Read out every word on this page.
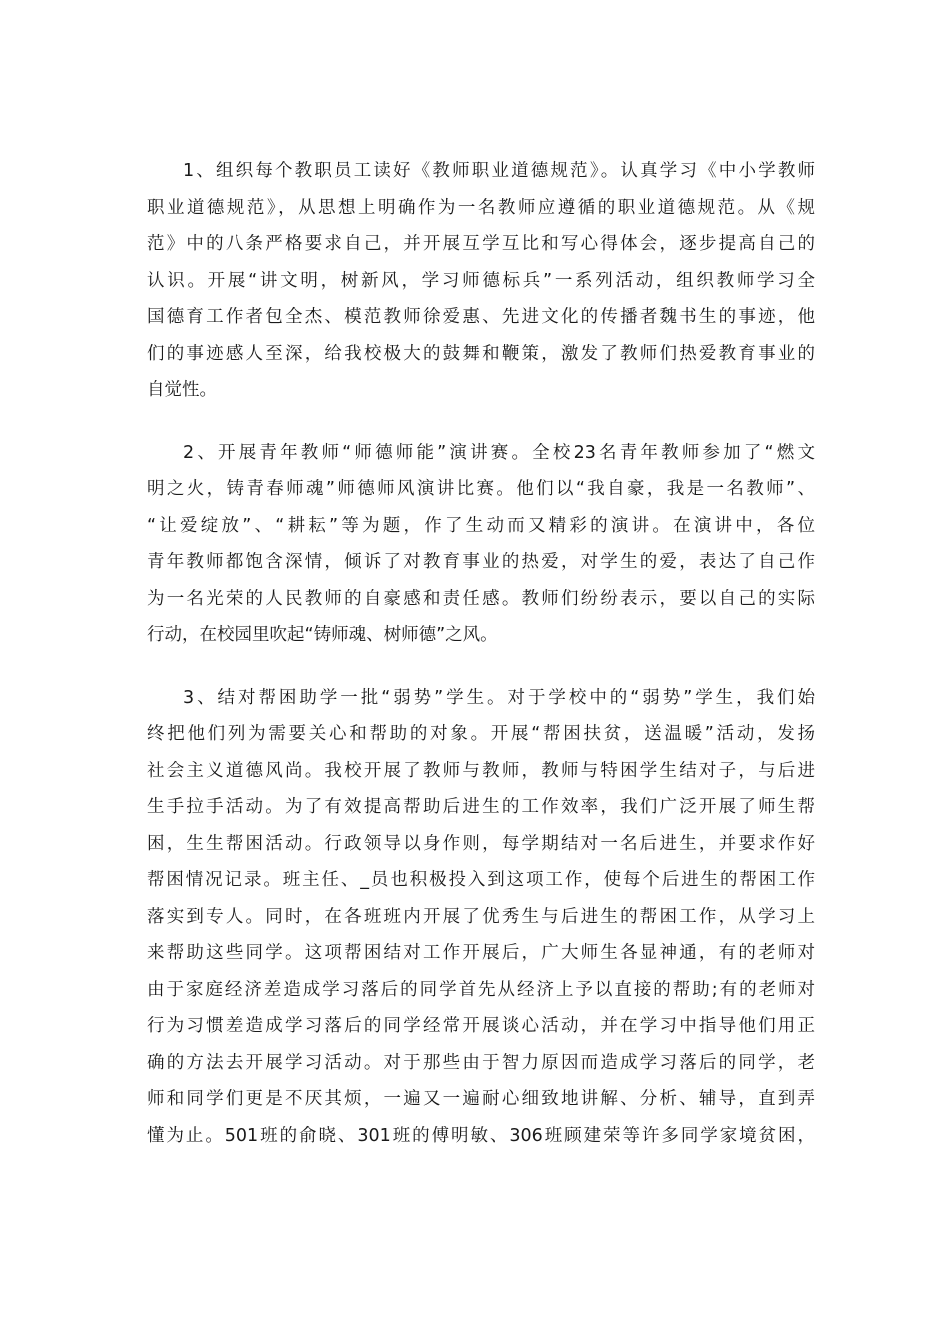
1、组织每个教职员工读好《教师职业道德规范》。认真学习《中小学教师
职业道德规范》，从思想上明确作为一名教师应遵循的职业道德规范。从《规
范》中的八条严格要求自己，并开展互学互比和写心得体会，逐步提高自己的
认识。开展“讲文明，树新风，学习师德标兵”一系列活动，组织教师学习全
国德育工作者包全杰、模范教师徐爱惠、先进文化的传播者魏书生的事迹，他
们的事迹感人至深，给我校极大的鼓舞和鞭策，激发了教师们热爱教育事业的
自觉性。
2、开展青年教师“师德师能”演讲赛。全校23名青年教师参加了“燃文
明之火，铸青春师魂”师德师风演讲比赛。他们以“我自豪，我是一名教师”、
“让爱绽放”、“耕耘”等为题，作了生动而又精彩的演讲。在演讲中，各位
青年教师都饱含深情，倾诉了对教育事业的热爱，对学生的爱，表达了自己作
为一名光荣的人民教师的自豪感和责任感。教师们纷纷表示，要以自己的实际
行动，在校园里吹起“铸师魂、树师德”之风。
3、结对帮困助学一批“弱势”学生。对于学校中的“弱势”学生，我们始
终把他们列为需要关心和帮助的对象。开展“帮困扶贫，送温暖”活动，发扬
社会主义道德风尚。我校开展了教师与教师，教师与特困学生结对子，与后进
生手拉手活动。为了有效提高帮助后进生的工作效率，我们广泛开展了师生帮
困，生生帮困活动。行政领导以身作则，每学期结对一名后进生，并要求作好
帮困情况记录。班主任、_员也积极投入到这项工作，使每个后进生的帮困工作
落实到专人。同时，在各班班内开展了优秀生与后进生的帮困工作，从学习上
来帮助这些同学。这项帮困结对工作开展后，广大师生各显神通，有的老师对
由于家庭经济差造成学习落后的同学首先从经济上予以直接的帮助;有的老师对
行为习惯差造成学习落后的同学经常开展谈心活动，并在学习中指导他们用正
确的方法去开展学习活动。对于那些由于智力原因而造成学习落后的同学，老
师和同学们更是不厌其烦，一遍又一遍耐心细致地讲解、分析、辅导，直到弄
懂为止。501班的俞晓、301班的傅明敏、306班顾建荣等许多同学家境贫困，
